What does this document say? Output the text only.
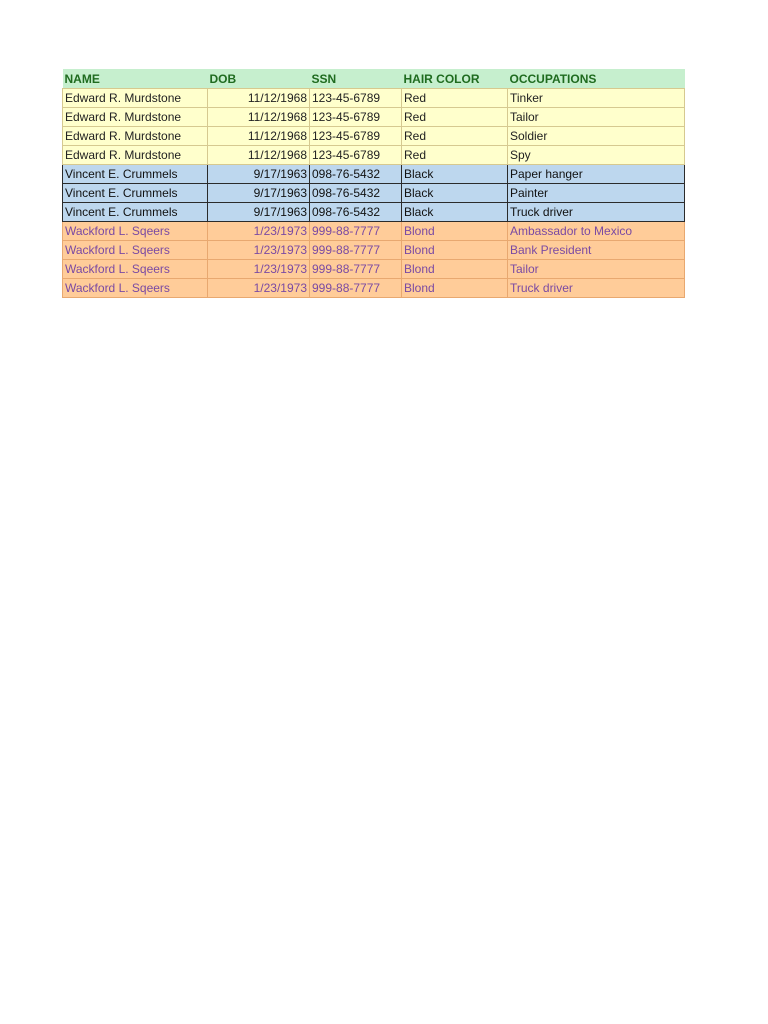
NAME	DOB	SSN	HAIR COLOR	OCCUPATIONS
Edward R. Murdstone	11/12/1968	123-45-6789	Red	Tinker
Edward R. Murdstone	11/12/1968	123-45-6789	Red	Tailor
Edward R. Murdstone	11/12/1968	123-45-6789	Red	Soldier
Edward R. Murdstone	11/12/1968	123-45-6789	Red	Spy
Vincent E. Crummels	9/17/1963	098-76-5432	Black	Paper hanger
Vincent E. Crummels	9/17/1963	098-76-5432	Black	Painter
Vincent E. Crummels	9/17/1963	098-76-5432	Black	Truck driver
Wackford L. Sqeers	1/23/1973	999-88-7777	Blond	Ambassador to Mexico
Wackford L. Sqeers	1/23/1973	999-88-7777	Blond	Bank President
Wackford L. Sqeers	1/23/1973	999-88-7777	Blond	Tailor
Wackford L. Sqeers	1/23/1973	999-88-7777	Blond	Truck driver
